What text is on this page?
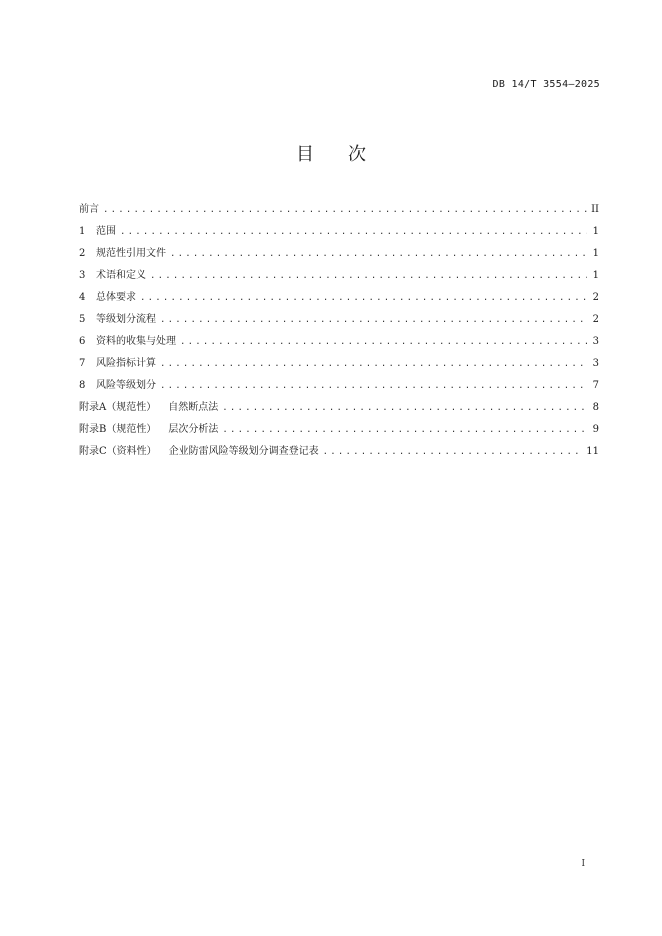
DB 14/T 3554—2025
目 次
前言 .....	II
1 范围 .....	1
2 规范性引用文件 .....	1
3 术语和定义 .....	1
4 总体要求 .....	2
5 等级划分流程 .....	2
6 资料的收集与处理 .....	3
7 风险指标计算 .....	3
8 风险等级划分 .....	7
附录A（规范性） 自然断点法 .....	8
附录B（规范性） 层次分析法 .....	9
附录C（资料性） 企业防雷风险等级划分调查登记表 .....	11
I
